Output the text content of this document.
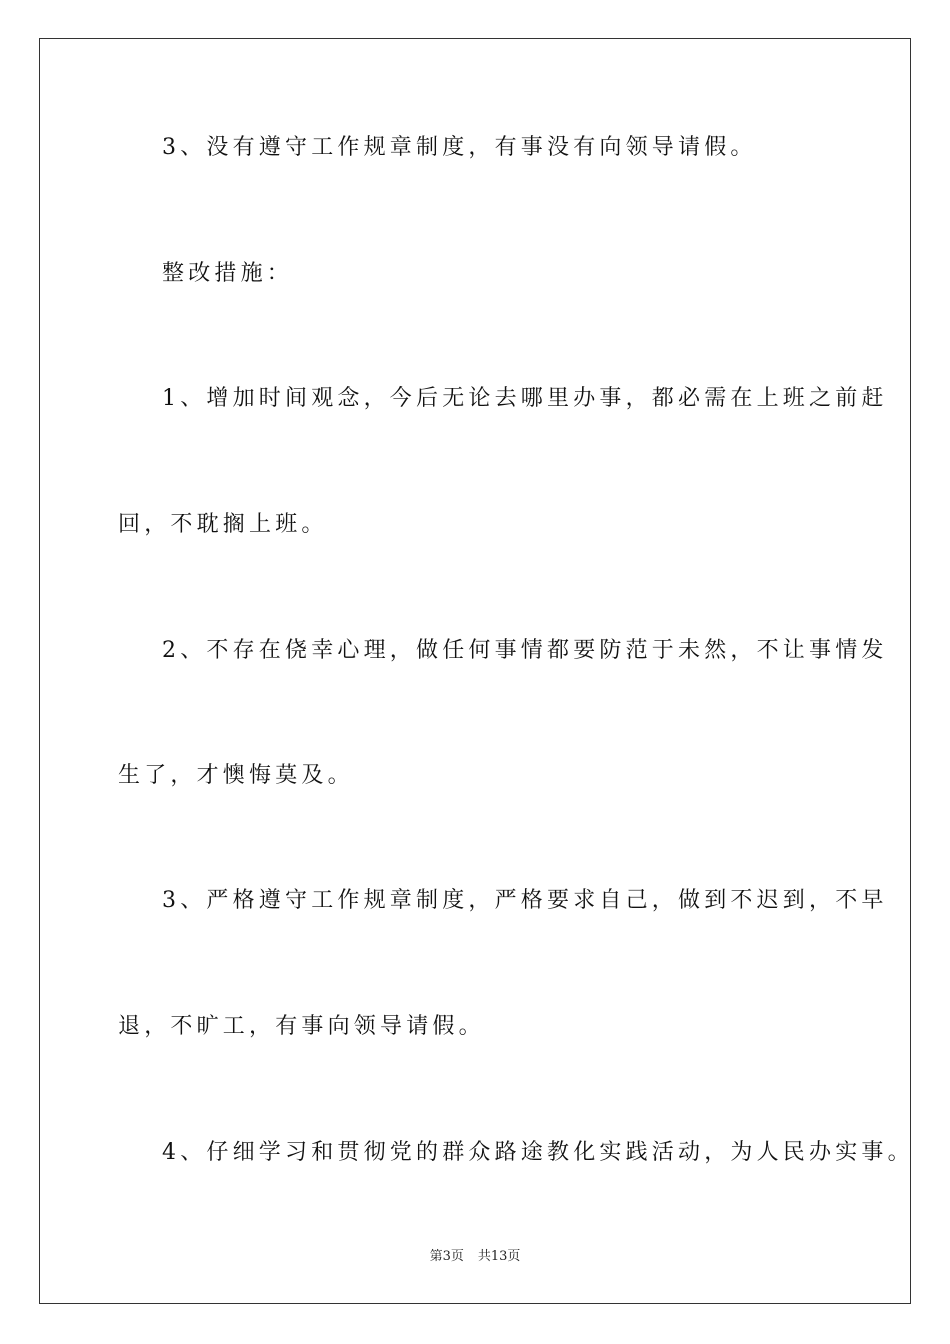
3、没有遵守工作规章制度，有事没有向领导请假。
整改措施：
1、增加时间观念，今后无论去哪里办事，都必需在上班之前赶
回，不耽搁上班。
2、不存在侥幸心理，做任何事情都要防范于未然，不让事情发
生了，才懊悔莫及。
3、严格遵守工作规章制度，严格要求自己，做到不迟到，不早
退，不旷工，有事向领导请假。
4、仔细学习和贯彻党的群众路途教化实践活动，为人民办实事。
第3页 共13页
